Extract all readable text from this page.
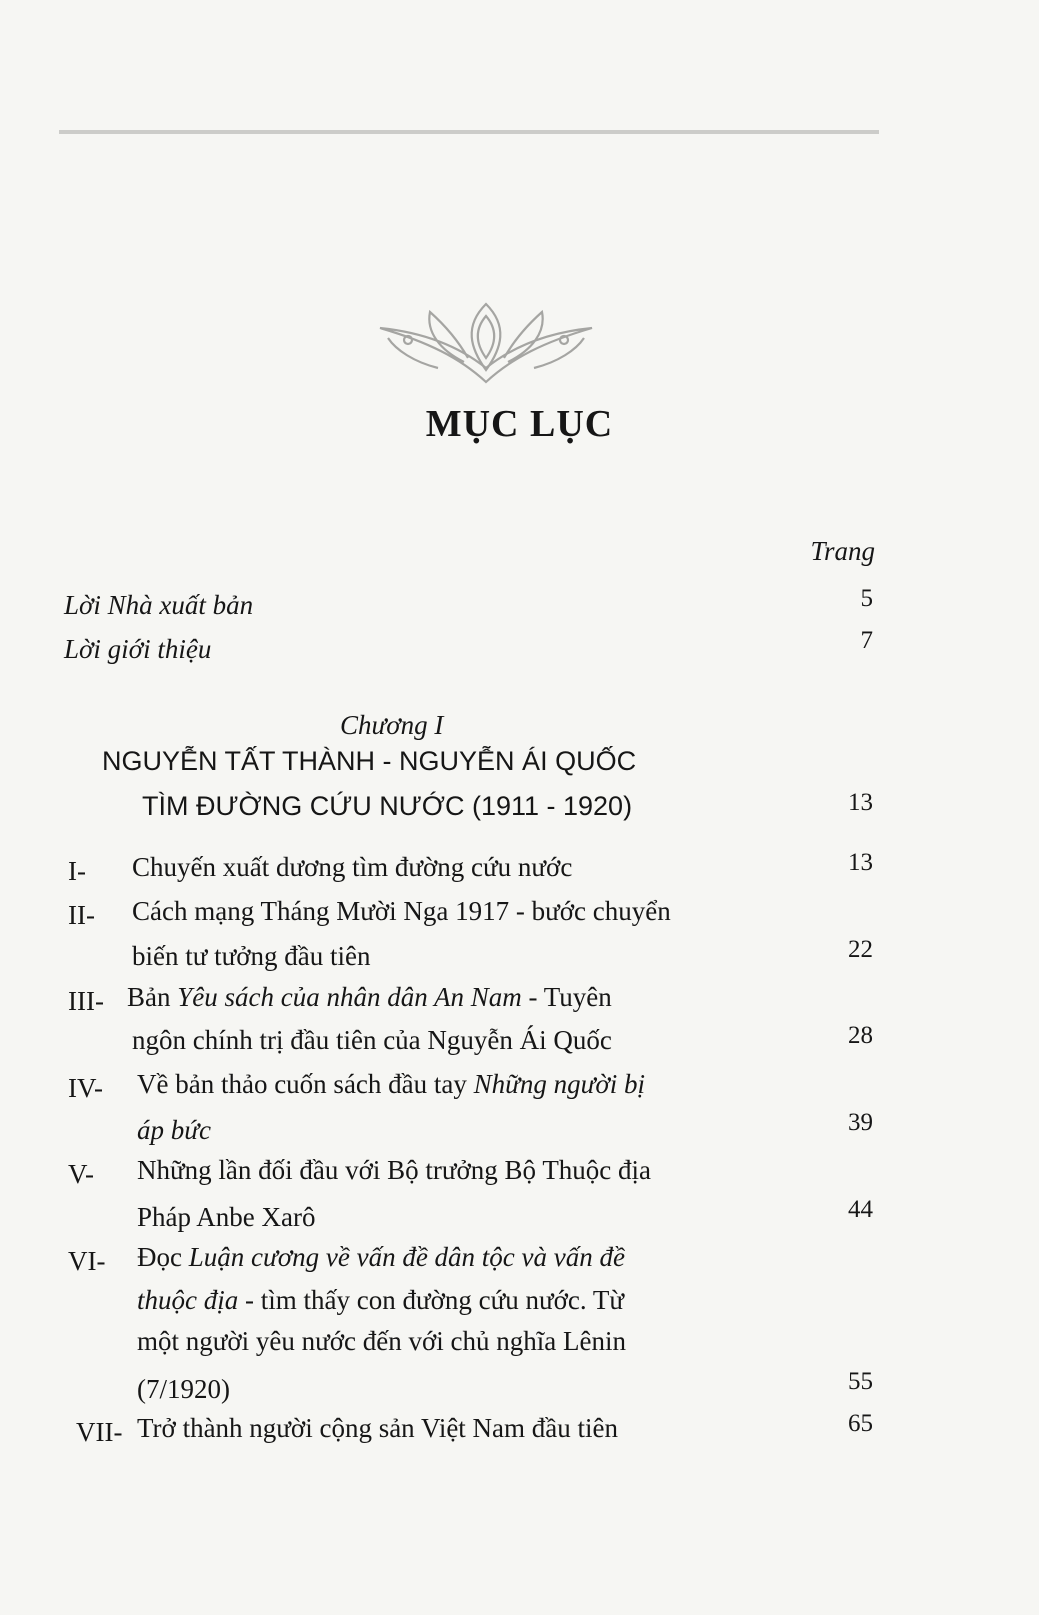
MỤC LỤC
Trang
Lời Nhà xuất bản	5
Lời giới thiệu	7
Chương I
NGUYỄN TẤT THÀNH - NGUYỄN ÁI QUỐC
TÌM ĐƯỜNG CỨU NƯỚC (1911 - 1920)	13
I- Chuyến xuất dương tìm đường cứu nước	13
II- Cách mạng Tháng Mười Nga 1917 - bước chuyển
biến tư tưởng đầu tiên	22
III- Bản Yêu sách của nhân dân An Nam - Tuyên
ngôn chính trị đầu tiên của Nguyễn Ái Quốc	28
IV- Về bản thảo cuốn sách đầu tay Những người bị
áp bức	39
V- Những lần đối đầu với Bộ trưởng Bộ Thuộc địa
Pháp Anbe Xarô	44
VI- Đọc Luận cương về vấn đề dân tộc và vấn đề
thuộc địa - tìm thấy con đường cứu nước. Từ
một người yêu nước đến với chủ nghĩa Lênin
(7/1920)	55
VII- Trở thành người cộng sản Việt Nam đầu tiên	65
